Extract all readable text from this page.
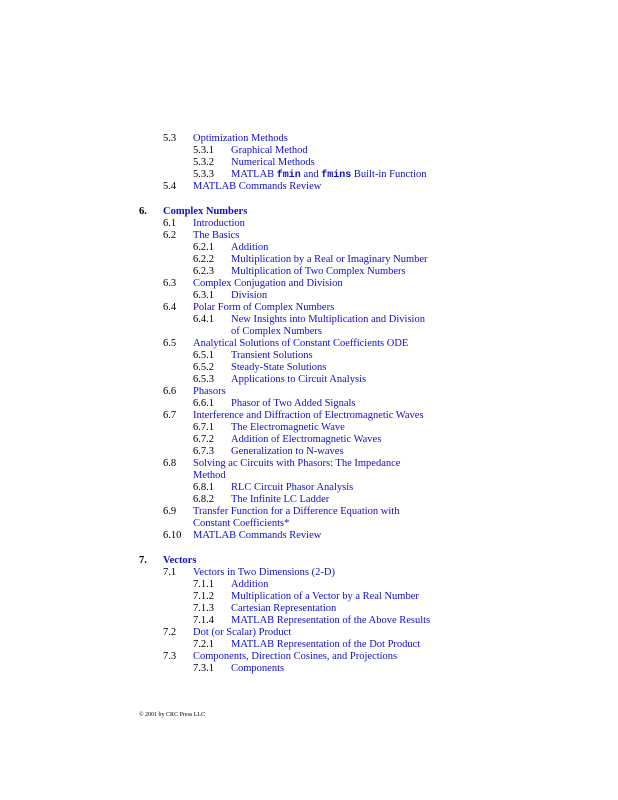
5.3 Optimization Methods
5.3.1 Graphical Method
5.3.2 Numerical Methods
5.3.3 MATLAB fmin and fmins Built-in Function
5.4 MATLAB Commands Review
6. Complex Numbers
6.1 Introduction
6.2 The Basics
6.2.1 Addition
6.2.2 Multiplication by a Real or Imaginary Number
6.2.3 Multiplication of Two Complex Numbers
6.3 Complex Conjugation and Division
6.3.1 Division
6.4 Polar Form of Complex Numbers
6.4.1 New Insights into Multiplication and Division
of Complex Numbers
6.5 Analytical Solutions of Constant Coefficients ODE
6.5.1 Transient Solutions
6.5.2 Steady-State Solutions
6.5.3 Applications to Circuit Analysis
6.6 Phasors
6.6.1 Phasor of Two Added Signals
6.7 Interference and Diffraction of Electromagnetic Waves
6.7.1 The Electromagnetic Wave
6.7.2 Addition of Electromagnetic Waves
6.7.3 Generalization to N-waves
6.8 Solving ac Circuits with Phasors: The Impedance
Method
6.8.1 RLC Circuit Phasor Analysis
6.8.2 The Infinite LC Ladder
6.9 Transfer Function for a Difference Equation with
Constant Coefficients*
6.10 MATLAB Commands Review
7. Vectors
7.1 Vectors in Two Dimensions (2-D)
7.1.1 Addition
7.1.2 Multiplication of a Vector by a Real Number
7.1.3 Cartesian Representation
7.1.4 MATLAB Representation of the Above Results
7.2 Dot (or Scalar) Product
7.2.1 MATLAB Representation of the Dot Product
7.3 Components, Direction Cosines, and Projections
7.3.1 Components
© 2001 by CRC Press LLC
